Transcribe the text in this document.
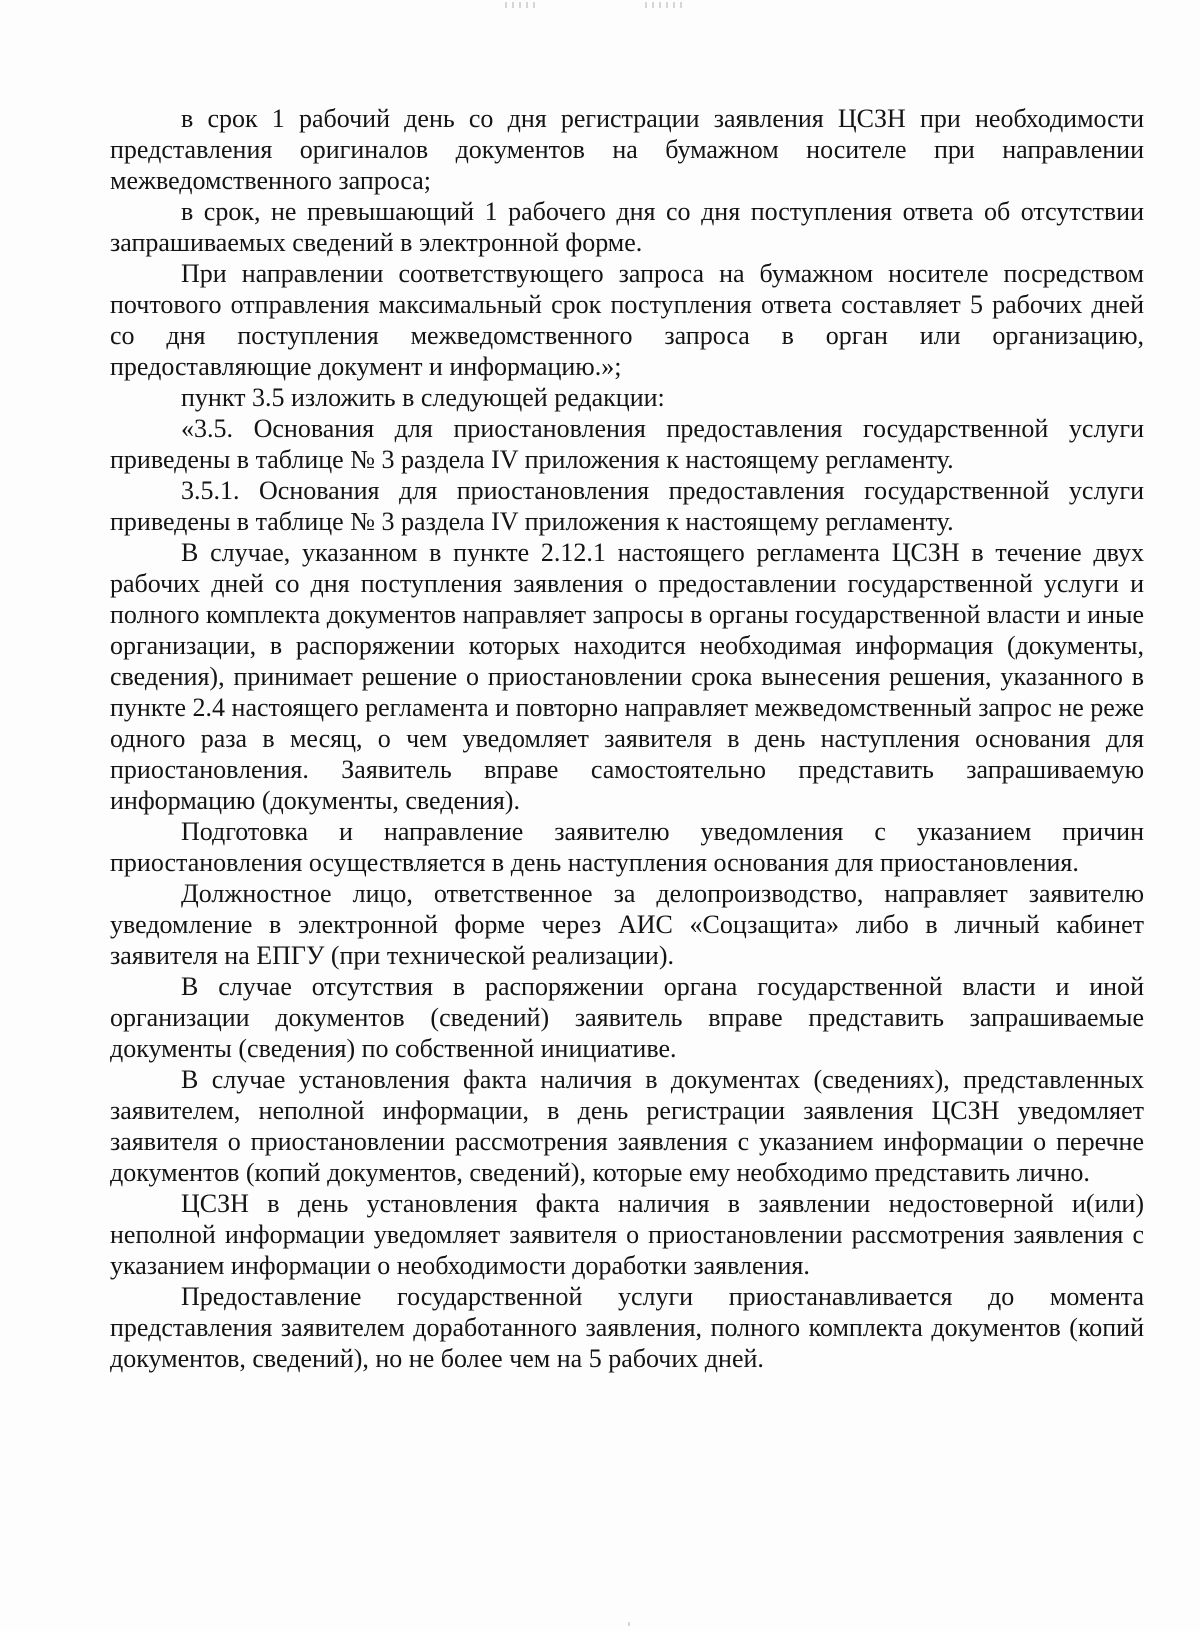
в срок 1 рабочий день со дня регистрации заявления ЦСЗН при необходимости представления оригиналов документов на бумажном носителе при направлении межведомственного запроса;

в срок, не превышающий 1 рабочего дня со дня поступления ответа об отсутствии запрашиваемых сведений в электронной форме.

При направлении соответствующего запроса на бумажном носителе посредством почтового отправления максимальный срок поступления ответа составляет 5 рабочих дней со дня поступления межведомственного запроса в орган или организацию, предоставляющие документ и информацию.»;

пункт 3.5 изложить в следующей редакции:

«3.5. Основания для приостановления предоставления государственной услуги приведены в таблице № 3 раздела IV приложения к настоящему регламенту.

3.5.1. Основания для приостановления предоставления государственной услуги приведены в таблице № 3 раздела IV приложения к настоящему регламенту.

В случае, указанном в пункте 2.12.1 настоящего регламента ЦСЗН в течение двух рабочих дней со дня поступления заявления о предоставлении государственной услуги и полного комплекта документов направляет запросы в органы государственной власти и иные организации, в распоряжении которых находится необходимая информация (документы, сведения), принимает решение о приостановлении срока вынесения решения, указанного в пункте 2.4 настоящего регламента и повторно направляет межведомственный запрос не реже одного раза в месяц, о чем уведомляет заявителя в день наступления основания для приостановления. Заявитель вправе самостоятельно представить запрашиваемую информацию (документы, сведения).

Подготовка и направление заявителю уведомления с указанием причин приостановления осуществляется в день наступления основания для приостановления.

Должностное лицо, ответственное за делопроизводство, направляет заявителю уведомление в электронной форме через АИС «Соцзащита» либо в личный кабинет заявителя на ЕПГУ (при технической реализации).

В случае отсутствия в распоряжении органа государственной власти и иной организации документов (сведений) заявитель вправе представить запрашиваемые документы (сведения) по собственной инициативе.

В случае установления факта наличия в документах (сведениях), представленных заявителем, неполной информации, в день регистрации заявления ЦСЗН уведомляет заявителя о приостановлении рассмотрения заявления с указанием информации о перечне документов (копий документов, сведений), которые ему необходимо представить лично.

ЦСЗН в день установления факта наличия в заявлении недостоверной и(или) неполной информации уведомляет заявителя о приостановлении рассмотрения заявления с указанием информации о необходимости доработки заявления.

Предоставление государственной услуги приостанавливается до момента представления заявителем доработанного заявления, полного комплекта документов (копий документов, сведений), но не более чем на 5 рабочих дней.
